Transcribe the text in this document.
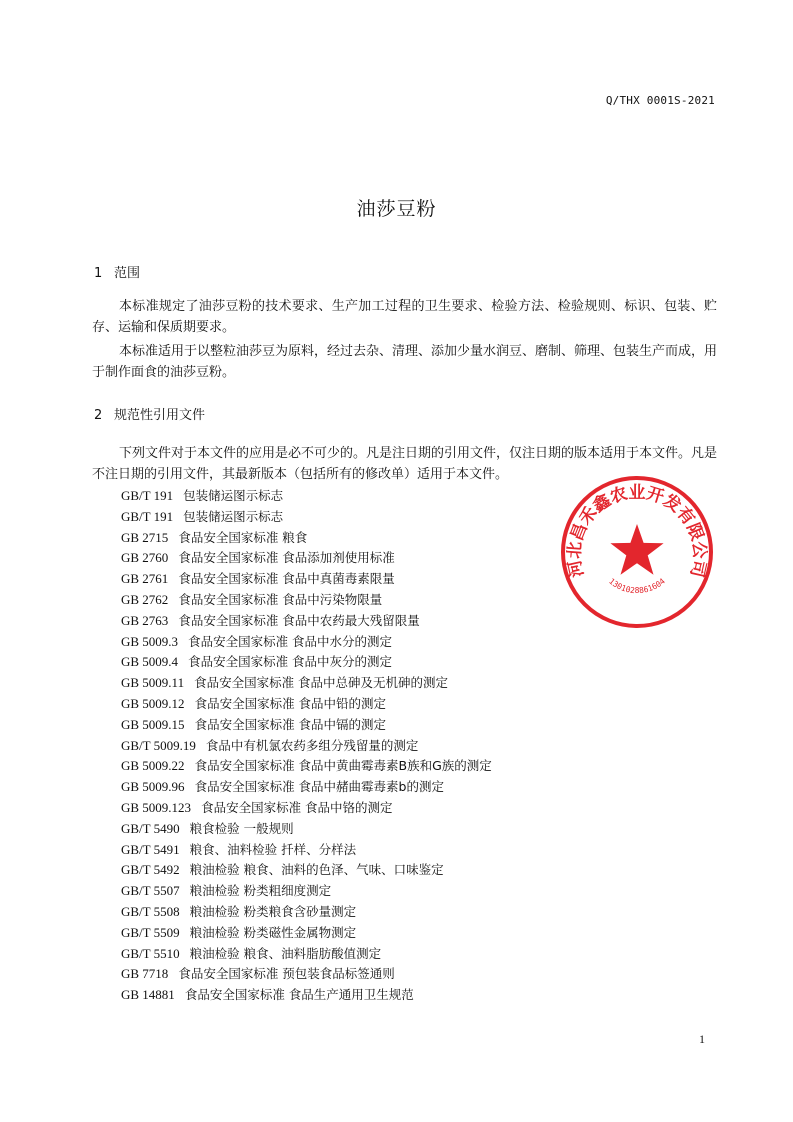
Q/THX 0001S-2021
油莎豆粉
1 范围

本标准规定了油莎豆粉的技术要求、生产加工过程的卫生要求、检验方法、检验规则、标识、包装、贮存、运输和保质期要求。

本标准适用于以整粒油莎豆为原料，经过去杂、清理、添加少量水润豆、磨制、筛理、包装生产而成，用于制作面食的油莎豆粉。

2 规范性引用文件

下列文件对于本文件的应用是必不可少的。凡是注日期的引用文件，仅注日期的版本适用于本文件。凡是不注日期的引用文件，其最新版本（包括所有的修改单）适用于本文件。

GB/T 191 包装储运图示标志
GB/T 191 包装储运图示标志
GB 2715 食品安全国家标准 粮食
GB 2760 食品安全国家标准 食品添加剂使用标准
GB 2761 食品安全国家标准 食品中真菌毒素限量
GB 2762 食品安全国家标准 食品中污染物限量
GB 2763 食品安全国家标准 食品中农药最大残留限量
GB 5009.3 食品安全国家标准 食品中水分的测定
GB 5009.4 食品安全国家标准 食品中灰分的测定
GB 5009.11 食品安全国家标准 食品中总砷及无机砷的测定
GB 5009.12 食品安全国家标准 食品中铅的测定
GB 5009.15 食品安全国家标准 食品中镉的测定
GB/T 5009.19 食品中有机氯农药多组分残留量的测定
GB 5009.22 食品安全国家标准 食品中黄曲霉毒素B族和G族的测定
GB 5009.96 食品安全国家标准 食品中赭曲霉毒素b的测定
GB 5009.123 食品安全国家标准 食品中铬的测定
GB/T 5490 粮食检验 一般规则
GB/T 5491 粮食、油料检验 扦样、分样法
GB/T 5492 粮油检验 粮食、油料的色泽、气味、口味鉴定
GB/T 5507 粮油检验 粉类粗细度测定
GB/T 5508 粮油检验 粉类粮食含砂量测定
GB/T 5509 粮油检验 粉类磁性金属物测定
GB/T 5510 粮油检验 粮食、油料脂肪酸值测定
GB 7718 食品安全国家标准 预包装食品标签通则
GB 14881 食品安全国家标准 食品生产通用卫生规范
河北昌禾鑫农业开发有限公司
1301028861604
1
